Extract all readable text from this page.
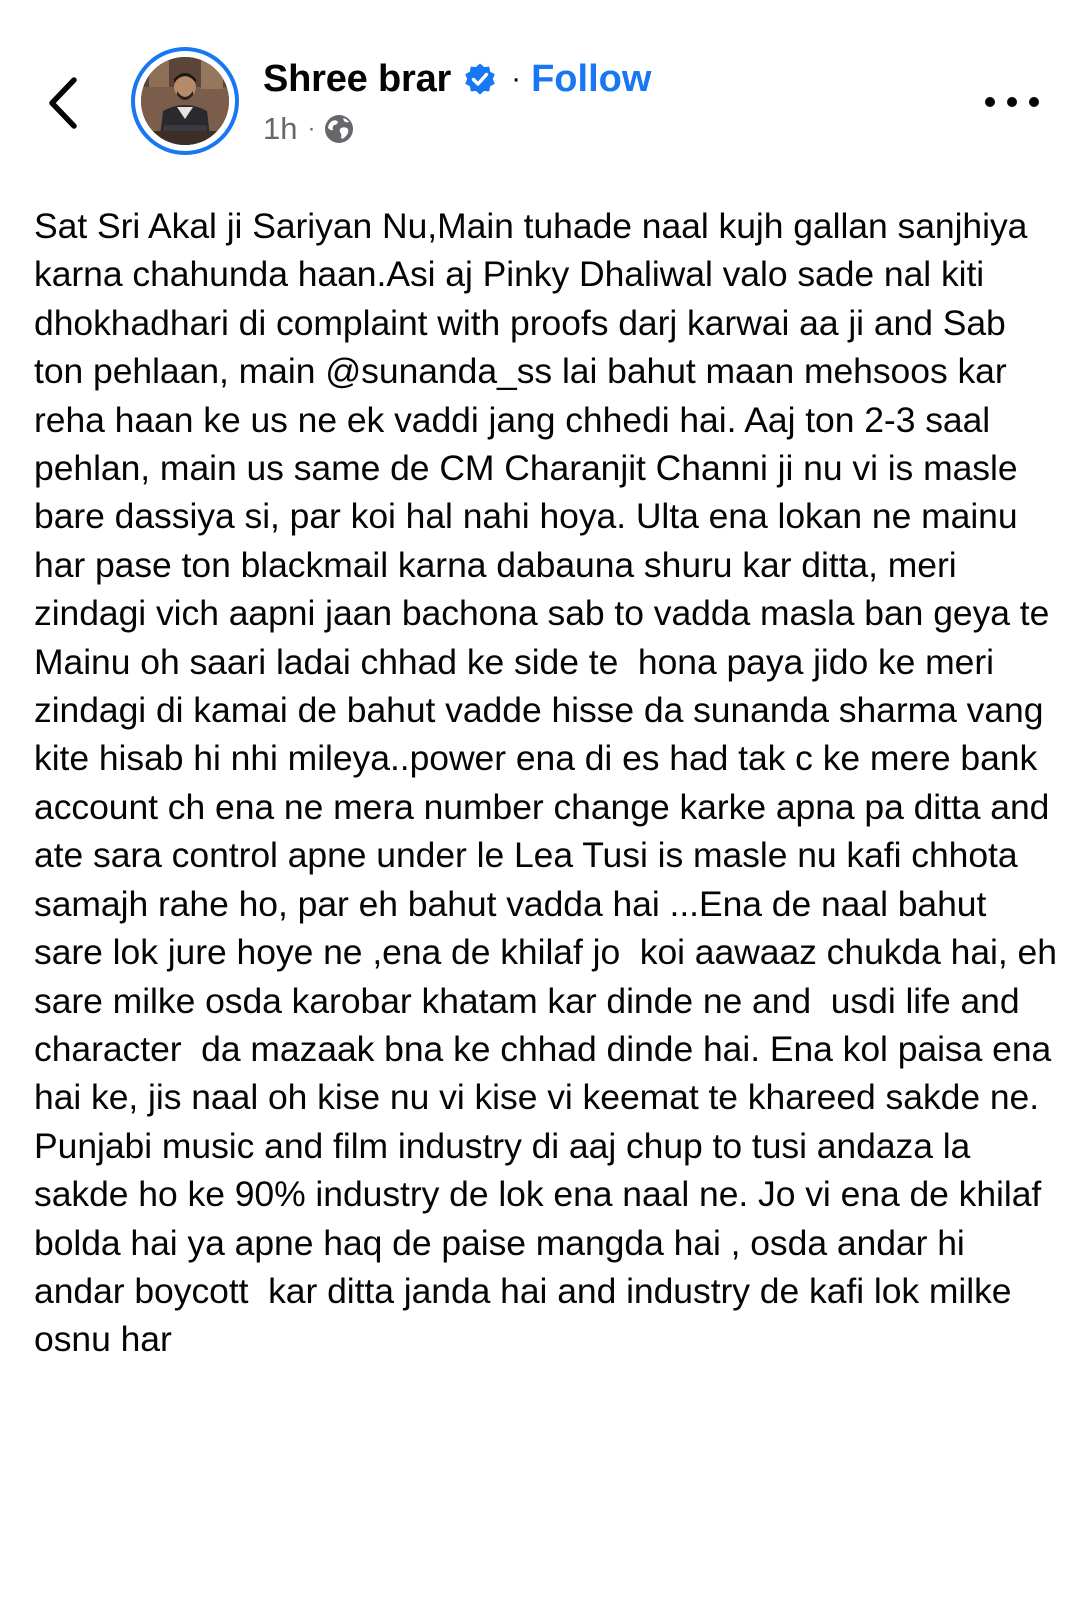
Shree brar · Follow
1h ·

Sat Sri Akal ji Sariyan Nu,Main tuhade naal kujh gallan sanjhiya karna chahunda haan.Asi aj Pinky Dhaliwal valo sade nal kiti dhokhadhari di complaint with proofs darj karwai aa ji and Sab ton pehlaan, main @sunanda_ss lai bahut maan mehsoos kar reha haan ke us ne ek vaddi jang chhedi hai. Aaj ton 2-3 saal pehlan, main us same de CM Charanjit Channi ji nu vi is masle bare dassiya si, par koi hal nahi hoya. Ulta ena lokan ne mainu har pase ton blackmail karna dabauna shuru kar ditta, meri zindagi vich aapni jaan bachona sab to vadda masla ban geya te  Mainu oh saari ladai chhad ke side te  hona paya jido ke meri zindagi di kamai de bahut vadde hisse da sunanda sharma vang kite hisab hi nhi mileya..power ena di es had tak c ke mere bank account ch ena ne mera number change karke apna pa ditta and ate sara control apne under le Lea Tusi is masle nu kafi chhota samajh rahe ho, par eh bahut vadda hai ...Ena de naal bahut sare lok jure hoye ne ,ena de khilaf jo  koi aawaaz chukda hai, eh sare milke osda karobar khatam kar dinde ne and  usdi life and character  da mazaak bna ke chhad dinde hai. Ena kol paisa ena hai ke, jis naal oh kise nu vi kise vi keemat te khareed sakde ne. Punjabi music and film industry di aaj chup to tusi andaza la sakde ho ke 90% industry de lok ena naal ne. Jo vi ena de khilaf bolda hai ya apne haq de paise mangda hai , osda andar hi andar boycott  kar ditta janda hai and industry de kafi lok milke osnu har
